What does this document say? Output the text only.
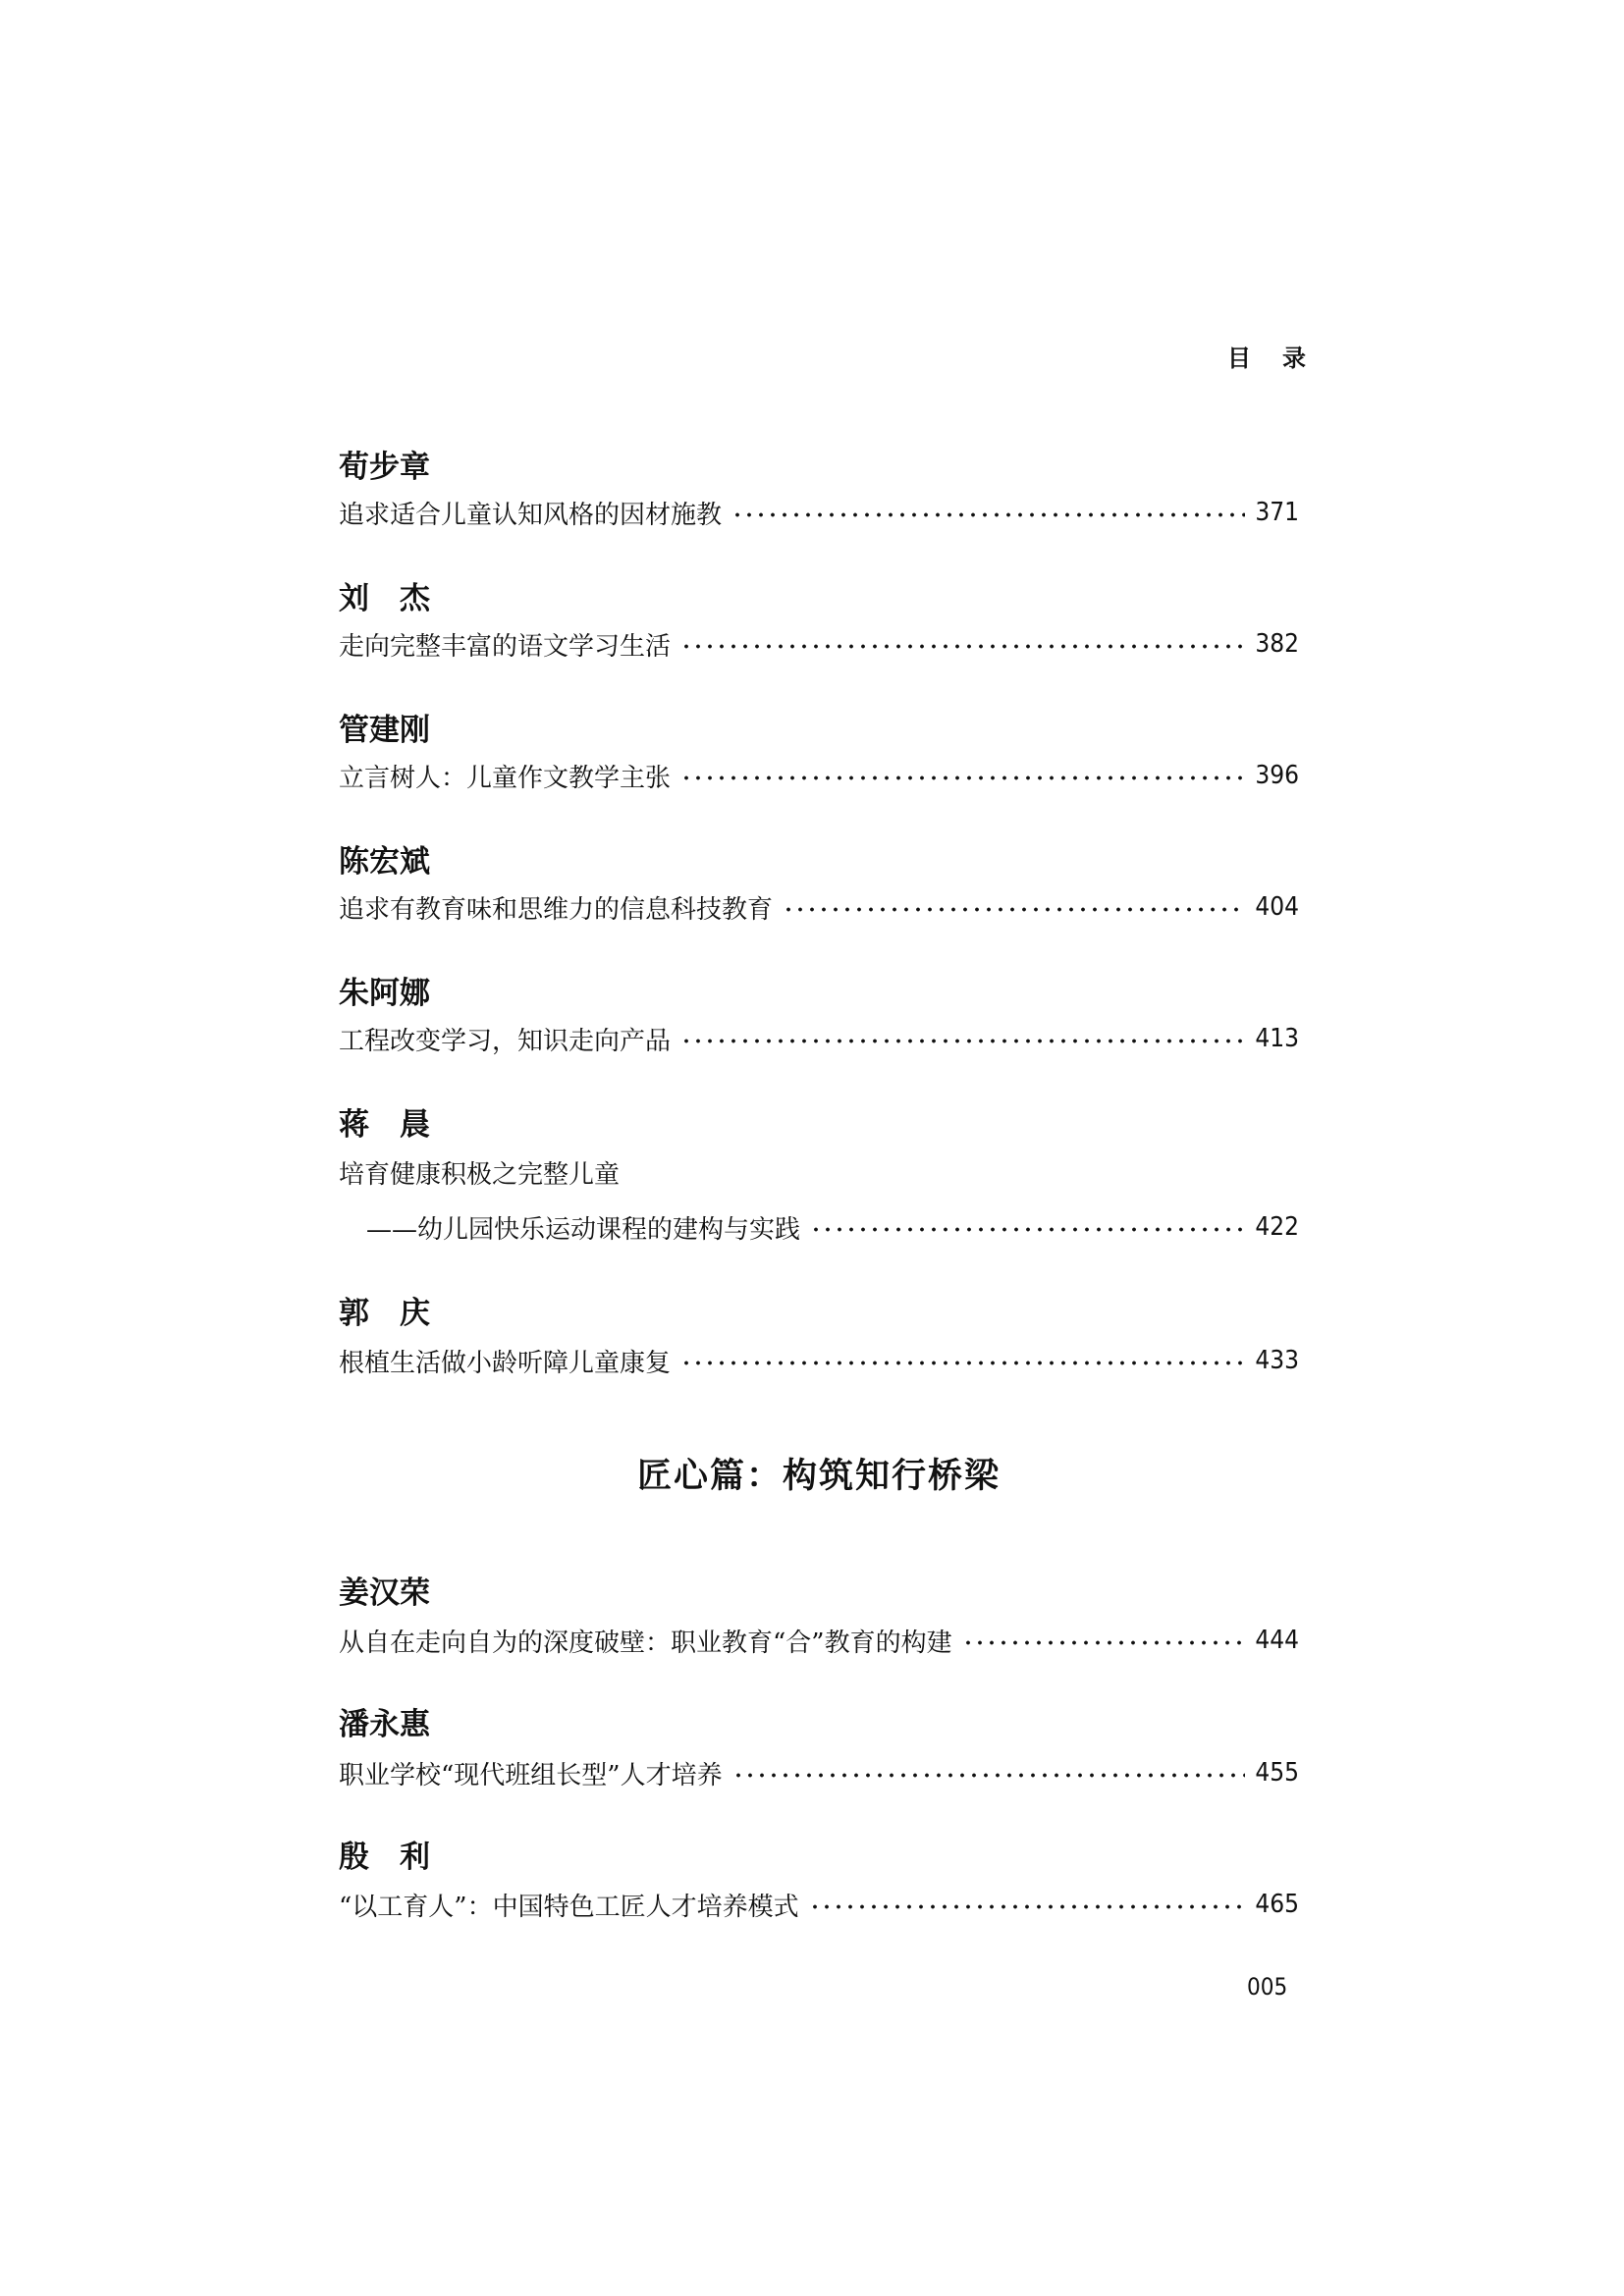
目 录
荀步章
追求适合儿童认知风格的因材施教	371
刘　杰
走向完整丰富的语文学习生活	382
管建刚
立言树人：儿童作文教学主张	396
陈宏斌
追求有教育味和思维力的信息科技教育	404
朱阿娜
工程改变学习，知识走向产品	413
蒋　晨
培育健康积极之完整儿童
——幼儿园快乐运动课程的建构与实践	422
郭　庆
根植生活做小龄听障儿童康复	433
匠心篇：构筑知行桥梁
姜汉荣
从自在走向自为的深度破壁：职业教育“合”教育的构建	444
潘永惠
职业学校“现代班组长型”人才培养	455
殷　利
“以工育人”：中国特色工匠人才培养模式	465
005
